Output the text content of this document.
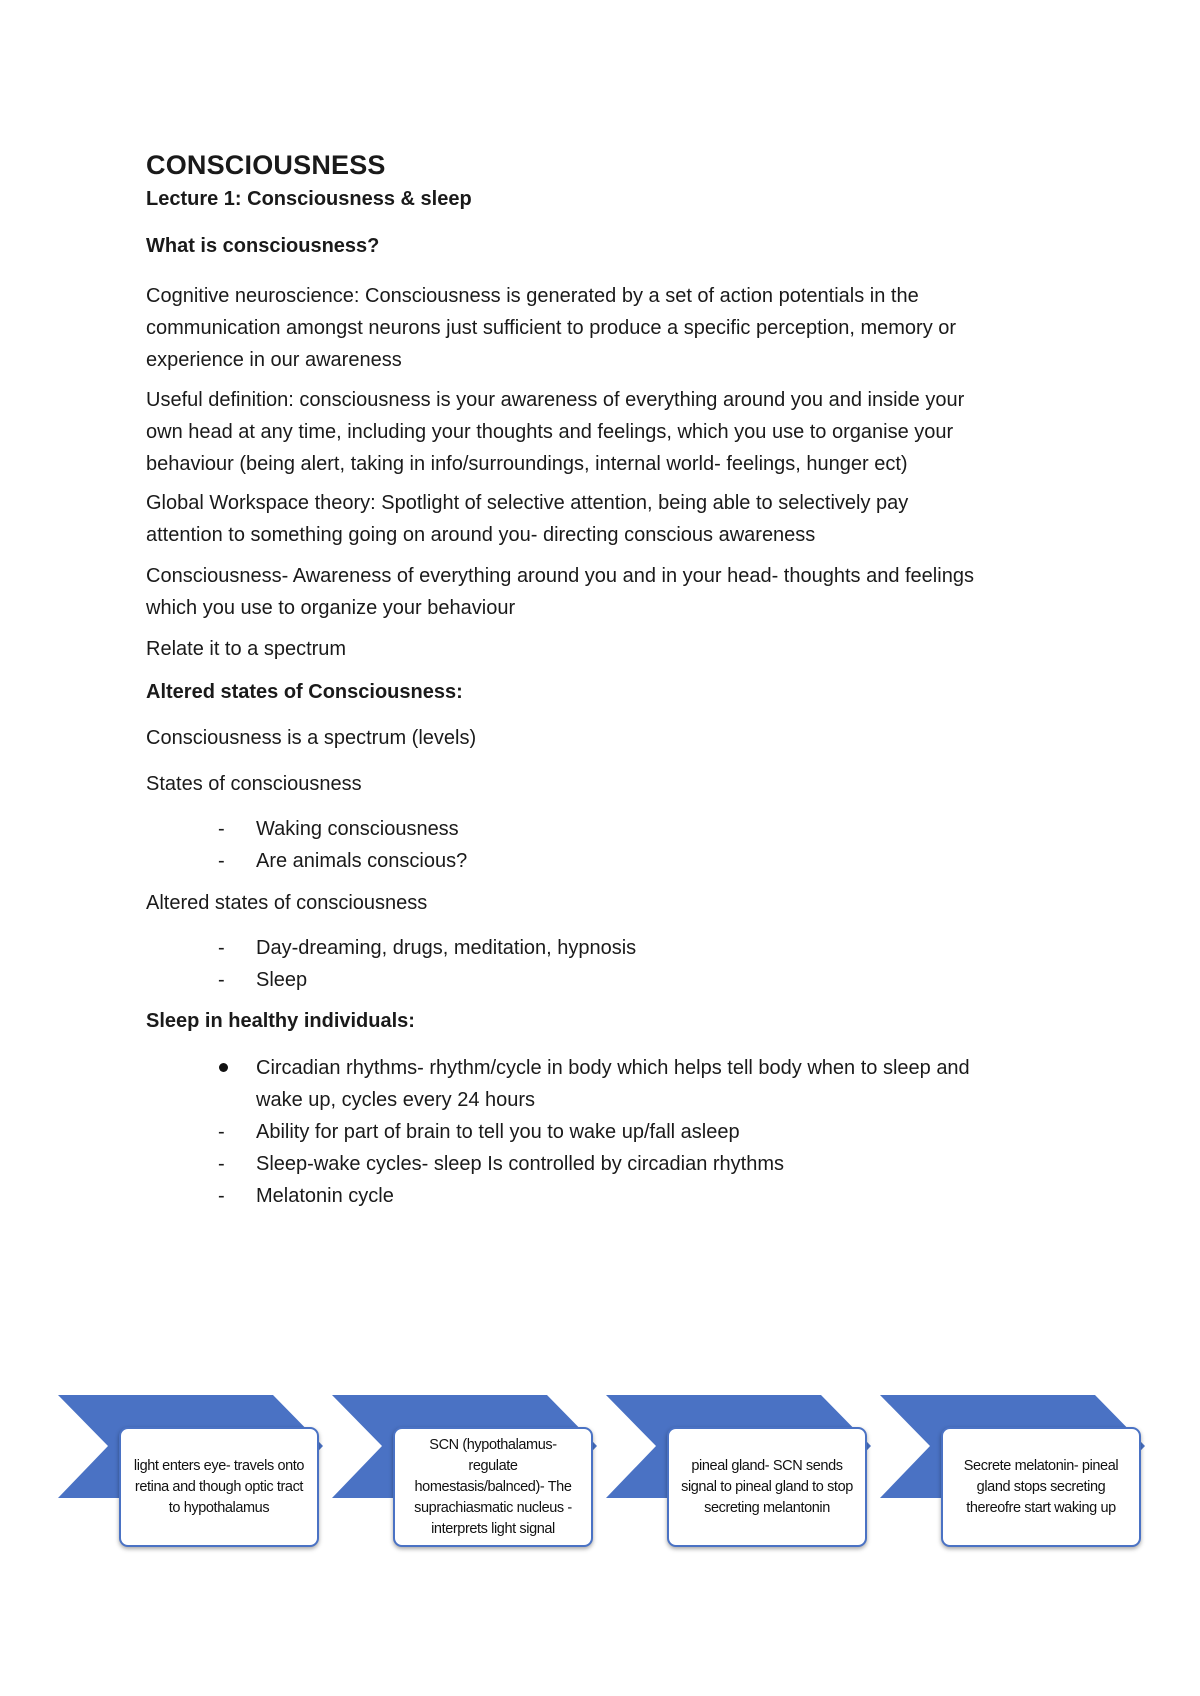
CONSCIOUSNESS
Lecture 1: Consciousness & sleep
What is consciousness?
Cognitive neuroscience: Consciousness is generated by a set of action potentials in the
communication amongst neurons just sufficient to produce a specific perception, memory or
experience in our awareness
Useful definition: consciousness is your awareness of everything around you and inside your
own head at any time, including your thoughts and feelings, which you use to organise your
behaviour (being alert, taking in info/surroundings, internal world- feelings, hunger ect)
Global Workspace theory: Spotlight of selective attention, being able to selectively pay
attention to something going on around you- directing conscious awareness
Consciousness- Awareness of everything around you and in your head- thoughts and feelings
which you use to organize your behaviour
Relate it to a spectrum
Altered states of Consciousness:
Consciousness is a spectrum (levels)
States of consciousness
- Waking consciousness
- Are animals conscious?
Altered states of consciousness
- Day-dreaming, drugs, meditation, hypnosis
- Sleep
Sleep in healthy individuals:
Circadian rhythms- rhythm/cycle in body which helps tell body when to sleep and
wake up, cycles every 24 hours
- Ability for part of brain to tell you to wake up/fall asleep
- Sleep-wake cycles- sleep Is controlled by circadian rhythms
- Melatonin cycle
light enters eye- travels onto retina and though optic tract to hypothalamus
SCN (hypothalamus-regulate homestasis/balnced)- The suprachiasmatic nucleus - interprets light signal
pineal gland- SCN sends signal to pineal gland to stop secreting melantonin
Secrete melatonin- pineal gland stops secreting thereofre start waking up
